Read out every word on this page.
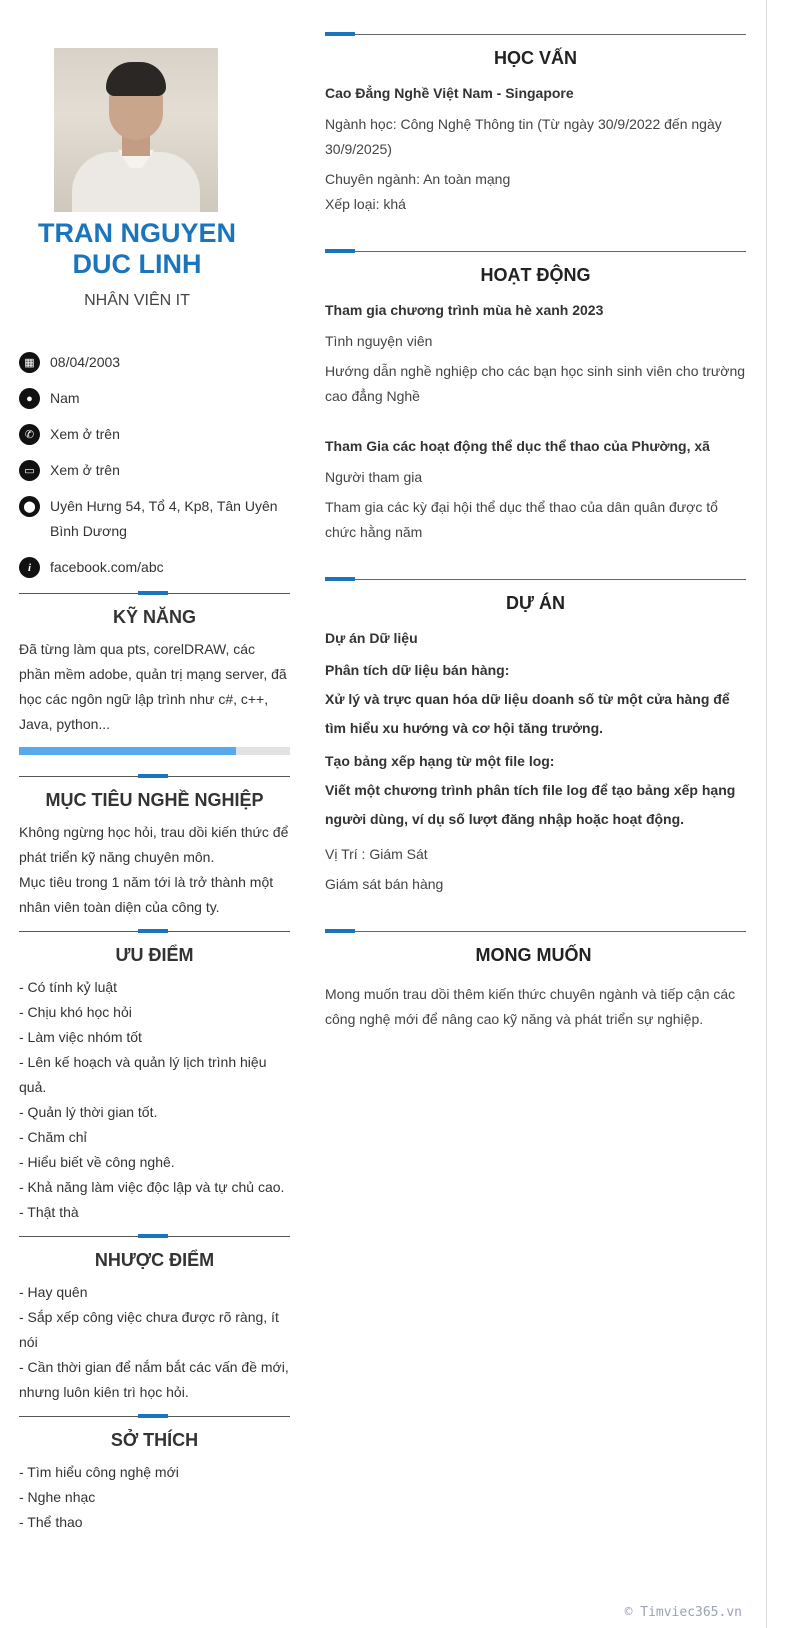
TRAN NGUYEN DUC LINH
NHÂN VIÊN IT
▦	08/04/2003
●	Nam
✆	Xem ở trên
▭	Xem ở trên
⬤	Uyên Hưng 54, Tổ 4, Kp8, Tân Uyên Bình Dương
i	facebook.com/abc
KỸ NĂNG
Đã từng làm qua pts, corelDRAW, các phần mềm adobe, quản trị mạng server, đã học các ngôn ngữ lập trình như c#, c++, Java, python...
MỤC TIÊU NGHỀ NGHIỆP
Không ngừng học hỏi, trau dồi kiến thức để phát triển kỹ năng chuyên môn.
Mục tiêu trong 1 năm tới là trở thành một nhân viên toàn diện của công ty.
ƯU ĐIỂM
- Có tính kỷ luật
- Chịu khó học hỏi
- Làm việc nhóm tốt
- Lên kế hoạch và quản lý lịch trình hiệu quả.
- Quản lý thời gian tốt.
- Chăm chỉ
- Hiểu biết về công nghê.
- Khả năng làm việc độc lập và tự chủ cao.
- Thật thà
NHƯỢC ĐIỂM
- Hay quên
- Sắp xếp công việc chưa được rõ ràng, ít nói
- Cần thời gian để nắm bắt các vấn đề mới, nhưng luôn kiên trì học hỏi.
SỞ THÍCH
- Tìm hiểu công nghệ mới
- Nghe nhạc
- Thể thao
HỌC VẤN
Cao Đẳng Nghề Việt Nam - Singapore
Ngành học: Công Nghệ Thông tin (Từ ngày 30/9/2022 đến ngày 30/9/2025)
Chuyên ngành: An toàn mạng
Xếp loại: khá
HOẠT ĐỘNG
Tham gia chương trình mùa hè xanh 2023
Tình nguyện viên
Hướng dẫn nghề nghiệp cho các bạn học sinh sinh viên cho trường cao đẳng Nghề
Tham Gia các hoạt động thể dục thể thao của Phường, xã
Người tham gia
Tham gia các kỳ đại hội thể dục thể thao của dân quân được tổ chức hằng năm
DỰ ÁN
Dự án Dữ liệu
Phân tích dữ liệu bán hàng:
Xử lý và trực quan hóa dữ liệu doanh số từ một cửa hàng để tìm hiểu xu hướng và cơ hội tăng trưởng.
Tạo bảng xếp hạng từ một file log:
Viết một chương trình phân tích file log để tạo bảng xếp hạng người dùng, ví dụ số lượt đăng nhập hoặc hoạt động.
Vị Trí : Giám Sát
Giám sát bán hàng
MONG MUỐN
Mong muốn trau dồi thêm kiến thức chuyên ngành và tiếp cận các công nghệ mới để nâng cao kỹ năng và phát triển sự nghiệp.
© Timviec365.vn
